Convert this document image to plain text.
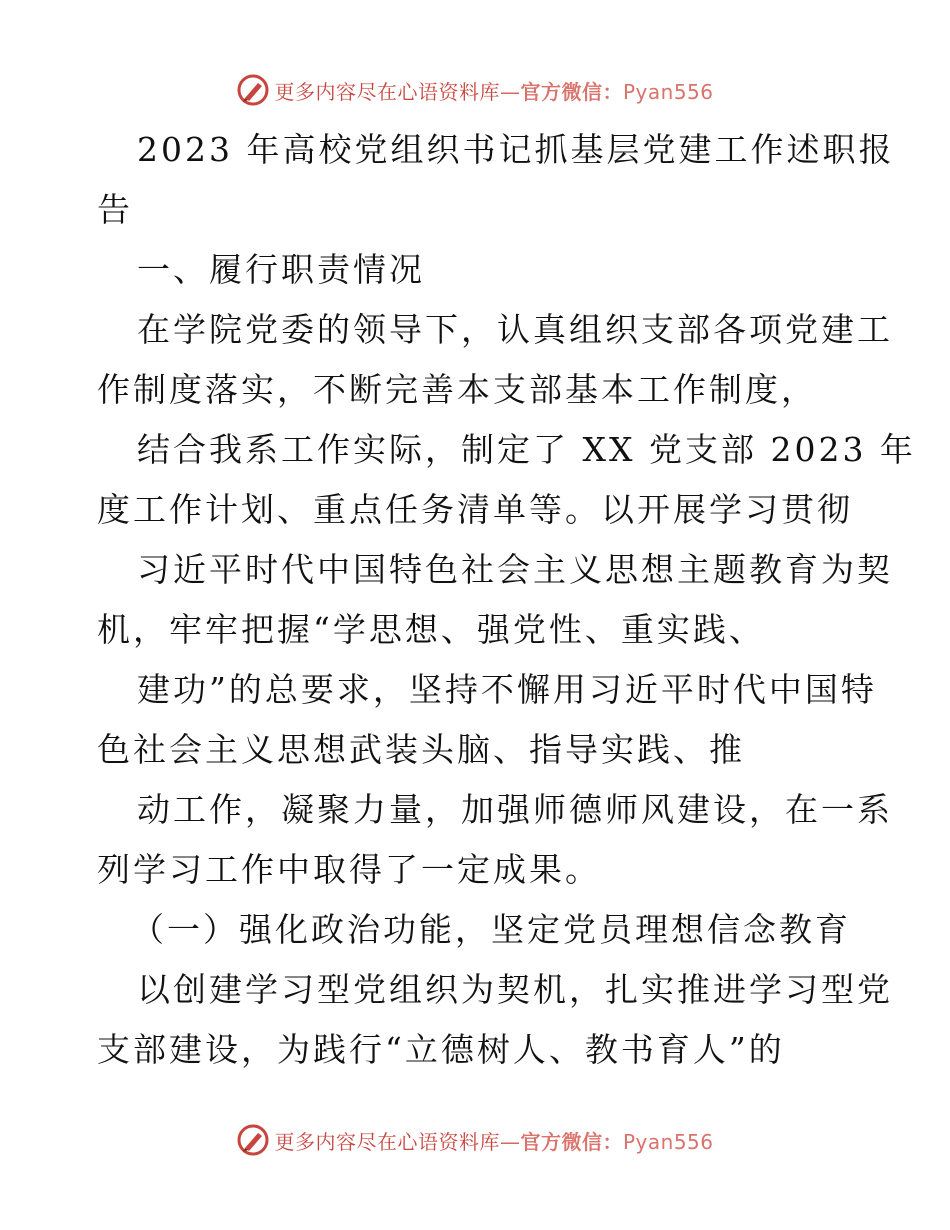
更多内容尽在心语资料库—官方微信：Pyan556
2023 年高校党组织书记抓基层党建工作述职报
告
一、履行职责情况
在学院党委的领导下，认真组织支部各项党建工
作制度落实，不断完善本支部基本工作制度，
结合我系工作实际，制定了 XX 党支部 2023 年
度工作计划、重点任务清单等。以开展学习贯彻
习近平时代中国特色社会主义思想主题教育为契
机，牢牢把握“学思想、强党性、重实践、
建功”的总要求，坚持不懈用习近平时代中国特
色社会主义思想武装头脑、指导实践、推
动工作，凝聚力量，加强师德师风建设，在一系
列学习工作中取得了一定成果。
（一）强化政治功能，坚定党员理想信念教育
以创建学习型党组织为契机，扎实推进学习型党
支部建设，为践行“立德树人、教书育人”的
更多内容尽在心语资料库—官方微信：Pyan556
